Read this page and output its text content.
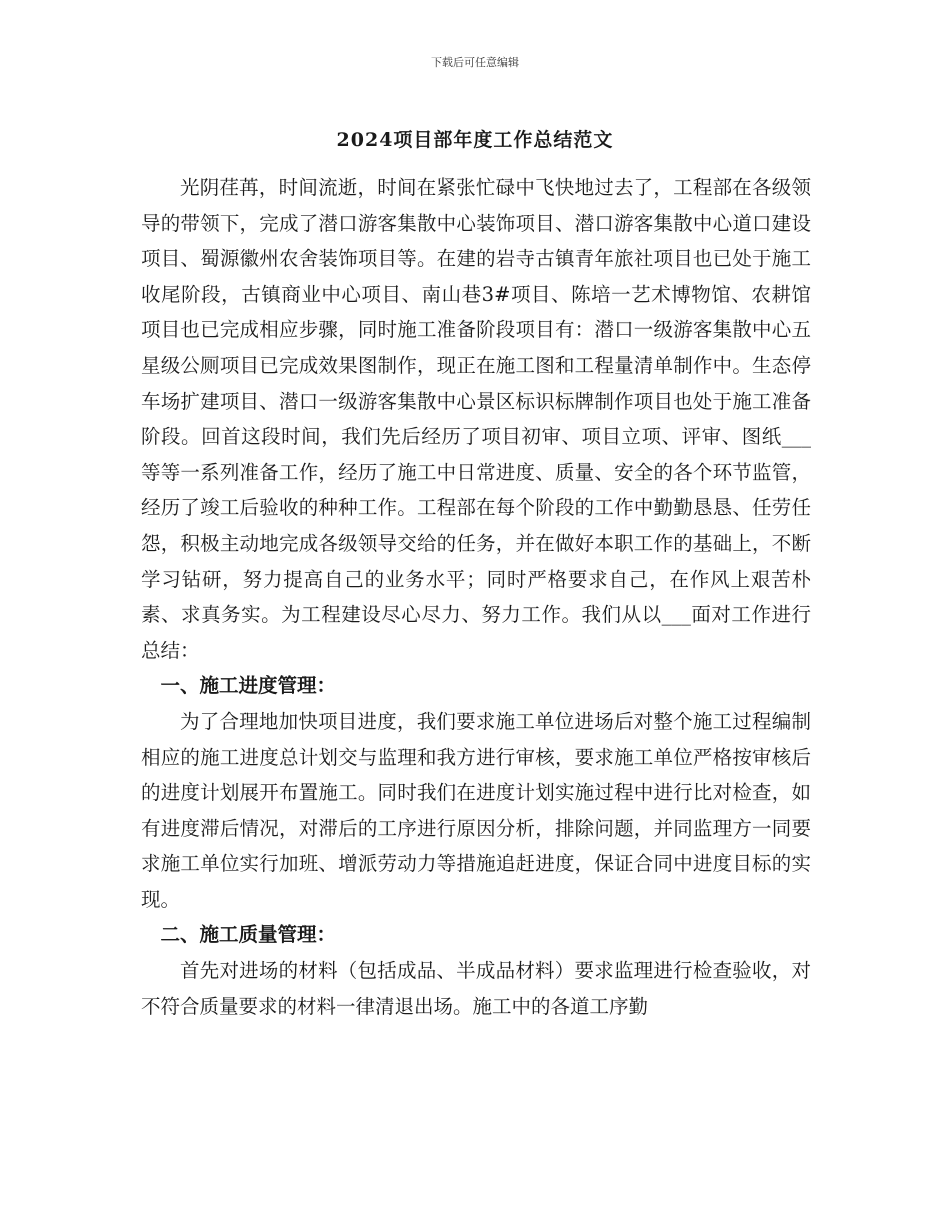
下载后可任意编辑
2024项目部年度工作总结范文

光阴荏苒，时间流逝，时间在紧张忙碌中飞快地过去了，工程部在各级领导的带领下，完成了潜口游客集散中心装饰项目、潜口游客集散中心道口建设项目、蜀源徽州农舍装饰项目等。在建的岩寺古镇青年旅社项目也已处于施工收尾阶段，古镇商业中心项目、南山巷3#项目、陈培一艺术博物馆、农耕馆项目也已完成相应步骤，同时施工准备阶段项目有：潜口一级游客集散中心五星级公厕项目已完成效果图制作，现正在施工图和工程量清单制作中。生态停车场扩建项目、潜口一级游客集散中心景区标识标牌制作项目也处于施工准备阶段。回首这段时间，我们先后经历了项目初审、项目立项、评审、图纸___等等一系列准备工作，经历了施工中日常进度、质量、安全的各个环节监管，经历了竣工后验收的种种工作。工程部在每个阶段的工作中勤勤恳恳、任劳任怨，积极主动地完成各级领导交给的任务，并在做好本职工作的基础上，不断学习钻研，努力提高自己的业务水平；同时严格要求自己，在作风上艰苦朴素、求真务实。为工程建设尽心尽力、努力工作。我们从以___面对工作进行总结：

一、施工进度管理：

为了合理地加快项目进度，我们要求施工单位进场后对整个施工过程编制相应的施工进度总计划交与监理和我方进行审核，要求施工单位严格按审核后的进度计划展开布置施工。同时我们在进度计划实施过程中进行比对检查，如有进度滞后情况，对滞后的工序进行原因分析，排除问题，并同监理方一同要求施工单位实行加班、增派劳动力等措施追赶进度，保证合同中进度目标的实现。

二、施工质量管理：

首先对进场的材料（包括成品、半成品材料）要求监理进行检查验收，对不符合质量要求的材料一律清退出场。施工中的各道工序勤
